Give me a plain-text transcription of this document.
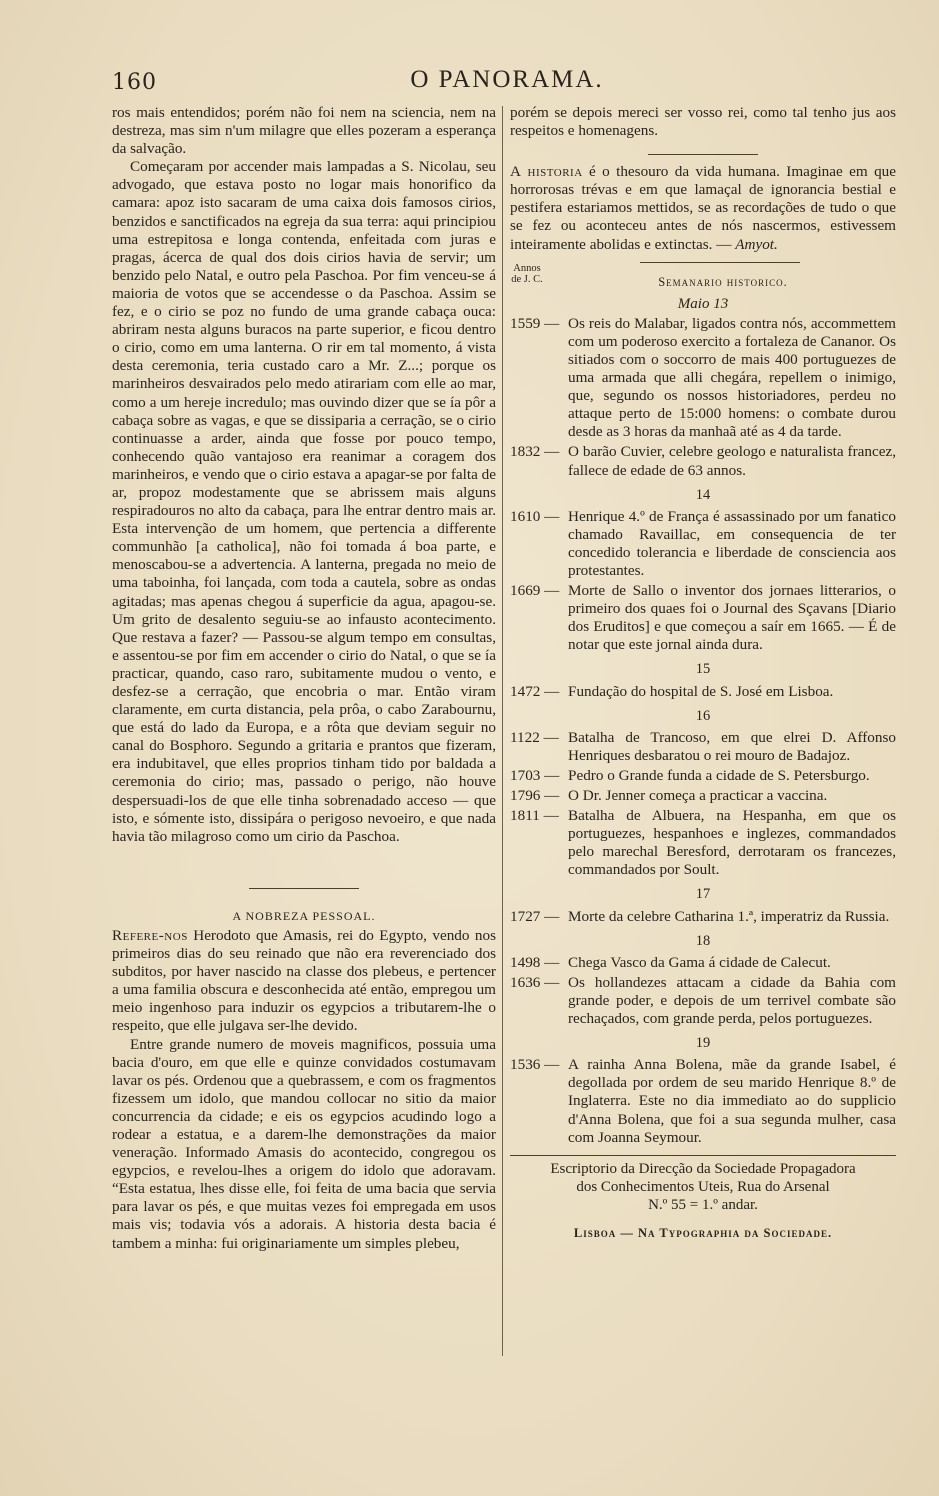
160	O PANORAMA.

ros mais entendidos; porém não foi nem na sciencia, nem na destreza, mas sim n'um milagre que elles pozeram a esperança da salvação.

Começaram por accender mais lampadas a S. Nicolau, seu advogado, que estava posto no logar mais honorifico da camara: apoz isto sacaram de uma caixa dois famosos cirios, benzidos e sanctificados na egreja da sua terra: aqui principiou uma estrepitosa e longa contenda, enfeitada com juras e pragas, ácerca de qual dos dois cirios havia de servir; um benzido pelo Natal, e outro pela Paschoa. Por fim venceu-se á maioria de votos que se accendesse o da Paschoa. Assim se fez, e o cirio se poz no fundo de uma grande cabaça ouca: abriram nesta alguns buracos na parte superior, e ficou dentro o cirio, como em uma lanterna. O rir em tal momento, á vista desta ceremonia, teria custado caro a Mr. Z...; porque os marinheiros desvairados pelo medo atirariam com elle ao mar, como a um hereje incredulo; mas ouvindo dizer que se ía pôr a cabaça sobre as vagas, e que se dissiparia a cerração, se o cirio continuasse a arder, ainda que fosse por pouco tempo, conhecendo quão vantajoso era reanimar a coragem dos marinheiros, e vendo que o cirio estava a apagar-se por falta de ar, propoz modestamente que se abrissem mais alguns respiradouros no alto da cabaça, para lhe entrar dentro mais ar. Esta intervenção de um homem, que pertencia a differente communhão [a catholica], não foi tomada á boa parte, e menoscabou-se a advertencia. A lanterna, pregada no meio de uma taboinha, foi lançada, com toda a cautela, sobre as ondas agitadas; mas apenas chegou á superficie da agua, apagou-se. Um grito de desalento seguiu-se ao infausto acontecimento. Que restava a fazer? — Passou-se algum tempo em consultas, e assentou-se por fim em accender o cirio do Natal, o que se ía practicar, quando, caso raro, subitamente mudou o vento, e desfez-se a cerração, que encobria o mar. Então viram claramente, em curta distancia, pela prôa, o cabo Zarabournu, que está do lado da Europa, e a rôta que deviam seguir no canal do Bosphoro. Segundo a gritaria e prantos que fizeram, era indubitavel, que elles proprios tinham tido por baldada a ceremonia do cirio; mas, passado o perigo, não houve despersuadi-los de que elle tinha sobrenadado acceso — que isto, e sómente isto, dissipára o perigoso nevoeiro, e que nada havia tão milagroso como um cirio da Paschoa.

A NOBREZA PESSOAL.

Refere-nos Herodoto que Amasis, rei do Egypto, vendo nos primeiros dias do seu reinado que não era reverenciado dos subditos, por haver nascido na classe dos plebeus, e pertencer a uma familia obscura e desconhecida até então, empregou um meio ingenhoso para induzir os egypcios a tributarem-lhe o respeito, que elle julgava ser-lhe devido.

Entre grande numero de moveis magnificos, possuia uma bacia d'ouro, em que elle e quinze convidados costumavam lavar os pés. Ordenou que a quebrassem, e com os fragmentos fizessem um idolo, que mandou collocar no sitio da maior concurrencia da cidade; e eis os egypcios acudindo logo a rodear a estatua, e a darem-lhe demonstrações da maior veneração. Informado Amasis do acontecido, congregou os egypcios, e revelou-lhes a origem do idolo que adoravam. “Esta estatua, lhes disse elle, foi feita de uma bacia que servia para lavar os pés, e que muitas vezes foi empregada em usos mais vis; todavia vós a adorais. A historia desta bacia é tambem a minha: fui originariamente um simples plebeu,

porém se depois mereci ser vosso rei, como tal tenho jus aos respeitos e homenagens.

A historia é o thesouro da vida humana. Imaginae em que horrorosas trévas e em que lamaçal de ignorancia bestial e pestifera estariamos mettidos, se as recordações de tudo o que se fez ou aconteceu antes de nós nascermos, estivessem inteiramente abolidas e extinctas. — Amyot.

Annos de J. C.	Semanario historico.
Maio 13
1559 — Os reis do Malabar, ligados contra nós, accommettem com um poderoso exercito a fortaleza de Cananor. Os sitiados com o soccorro de mais 400 portuguezes de uma armada que alli chegára, repellem o inimigo, que, segundo os nossos historiadores, perdeu no attaque perto de 15:000 homens: o combate durou desde as 3 horas da manhaã até as 4 da tarde.
1832 — O barão Cuvier, celebre geologo e naturalista francez, fallece de edade de 63 annos.
14
1610 — Henrique 4.º de França é assassinado por um fanatico chamado Ravaillac, em consequencia de ter concedido tolerancia e liberdade de consciencia aos protestantes.
1669 — Morte de Sallo o inventor dos jornaes litterarios, o primeiro dos quaes foi o Journal des Sçavans [Diario dos Eruditos] e que começou a saír em 1665. — É de notar que este jornal ainda dura.
15
1472 — Fundação do hospital de S. José em Lisboa.
16
1122 — Batalha de Trancoso, em que elrei D. Affonso Henriques desbaratou o rei mouro de Badajoz.
1703 — Pedro o Grande funda a cidade de S. Petersburgo.
1796 — O Dr. Jenner começa a practicar a vaccina.
1811 — Batalha de Albuera, na Hespanha, em que os portuguezes, hespanhoes e inglezes, commandados pelo marechal Beresford, derrotaram os francezes, commandados por Soult.
17
1727 — Morte da celebre Catharina 1.ª, imperatriz da Russia.
18
1498 — Chega Vasco da Gama á cidade de Calecut.
1636 — Os hollandezes attacam a cidade da Bahia com grande poder, e depois de um terrivel combate são rechaçados, com grande perda, pelos portuguezes.
19
1536 — A rainha Anna Bolena, mãe da grande Isabel, é degollada por ordem de seu marido Henrique 8.º de Inglaterra. Este no dia immediato ao do supplicio d'Anna Bolena, que foi a sua segunda mulher, casa com Joanna Seymour.
Escriptorio da Direcção da Sociedade Propagadora
dos Conhecimentos Uteis, Rua do Arsenal
N.º 55 = 1.º andar.
Lisboa — Na Typographia da Sociedade.
